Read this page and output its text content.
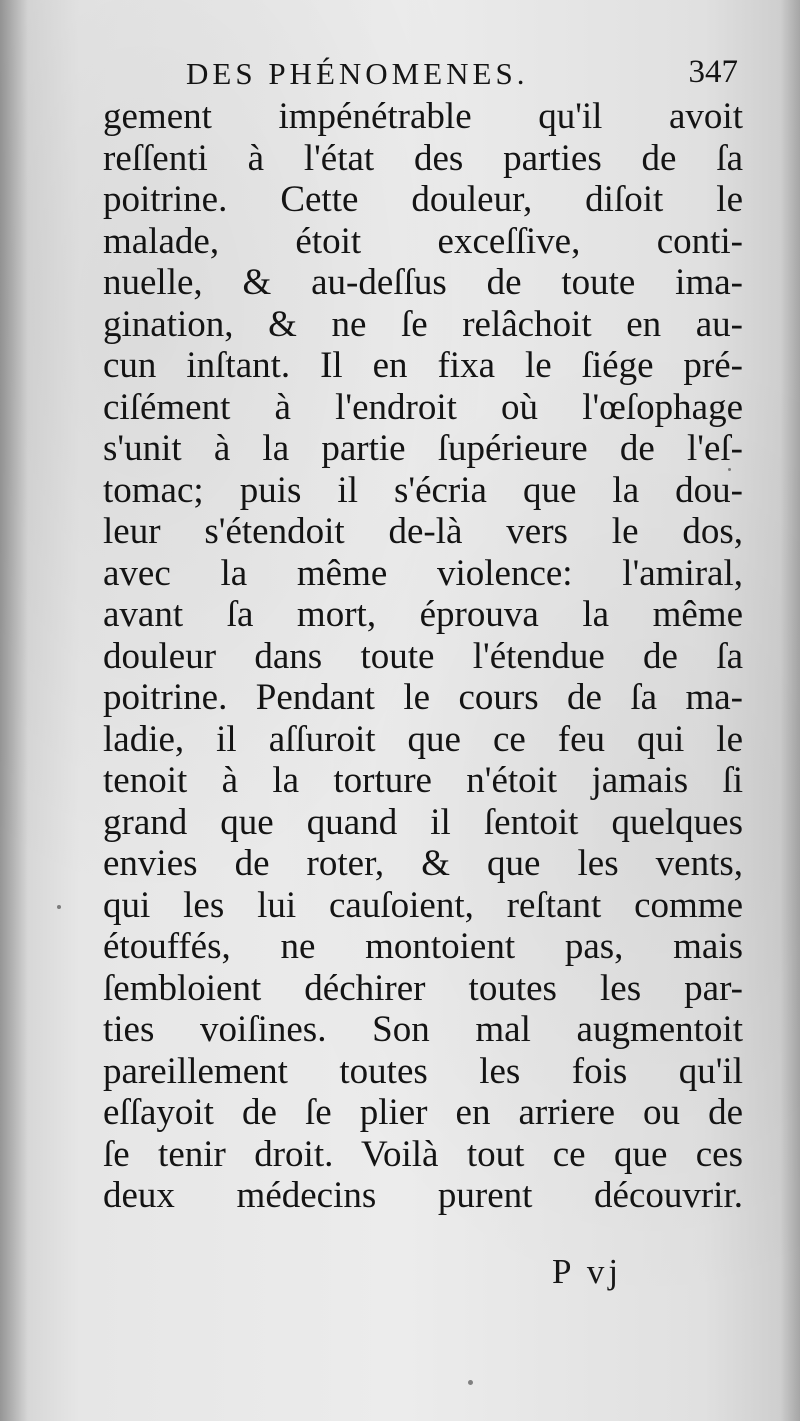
DES PHÉNOMENES.	347
gement impénétrable qu'il avoit
reſſenti à l'état des parties de ſa
poitrine. Cette douleur, diſoit le
malade, étoit exceſſive, conti-
nuelle, & au-deſſus de toute ima-
gination, & ne ſe relâchoit en au-
cun inſtant. Il en fixa le ſiége pré-
ciſément à l'endroit où l'œſophage
s'unit à la partie ſupérieure de l'eſ-
tomac; puis il s'écria que la dou-
leur s'étendoit de-là vers le dos,
avec la même violence: l'amiral,
avant ſa mort, éprouva la même
douleur dans toute l'étendue de ſa
poitrine. Pendant le cours de ſa ma-
ladie, il aſſuroit que ce feu qui le
tenoit à la torture n'étoit jamais ſi
grand que quand il ſentoit quelques
envies de roter, & que les vents,
qui les lui cauſoient, reſtant comme
étouffés, ne montoient pas, mais
ſembloient déchirer toutes les par-
ties voiſines. Son mal augmentoit
pareillement toutes les fois qu'il
eſſayoit de ſe plier en arriere ou de
ſe tenir droit. Voilà tout ce que ces
deux médecins purent découvrir.
P vj
